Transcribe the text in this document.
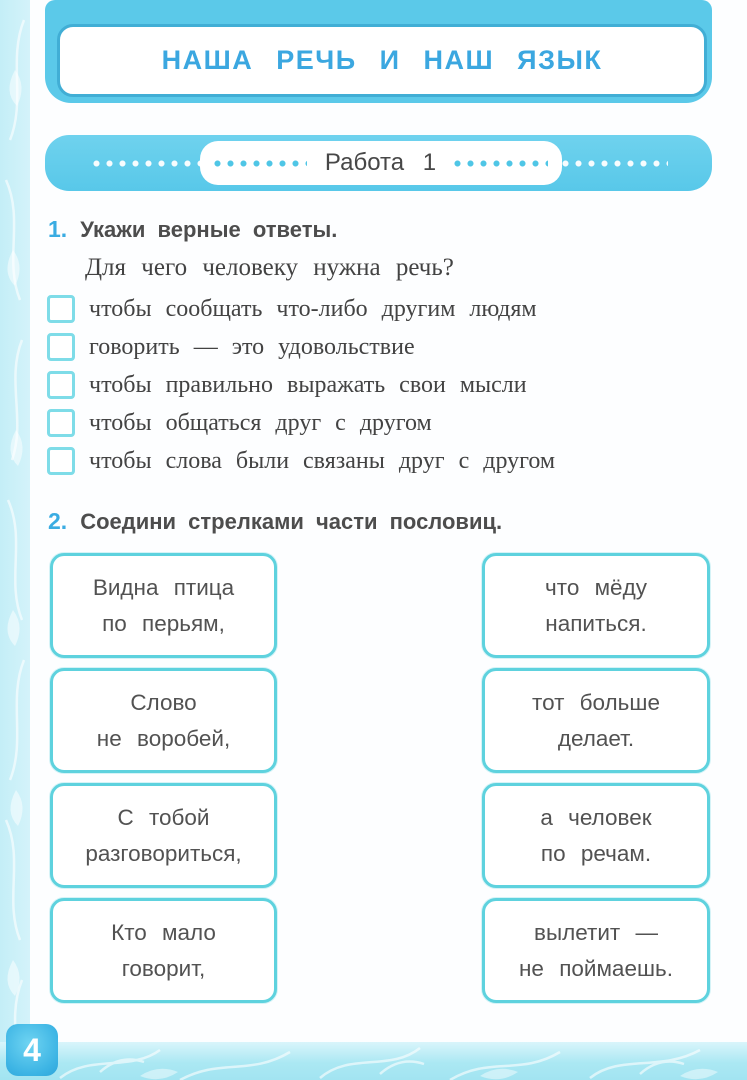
НАША РЕЧЬ И НАШ ЯЗЫК
Работа 1
1. Укажи верные ответы.
Для чего человеку нужна речь?
чтобы сообщать что-либо другим людям
говорить — это удовольствие
чтобы правильно выражать свои мысли
чтобы общаться друг с другом
чтобы слова были связаны друг с другом
2. Соедини стрелками части пословиц.
Видна птица
по перьям,
что мёду
напиться.
Слово
не воробей,
тот больше
делает.
С тобой
разговориться,
а человек
по речам.
Кто мало
говорит,
вылетит —
не поймаешь.
4
